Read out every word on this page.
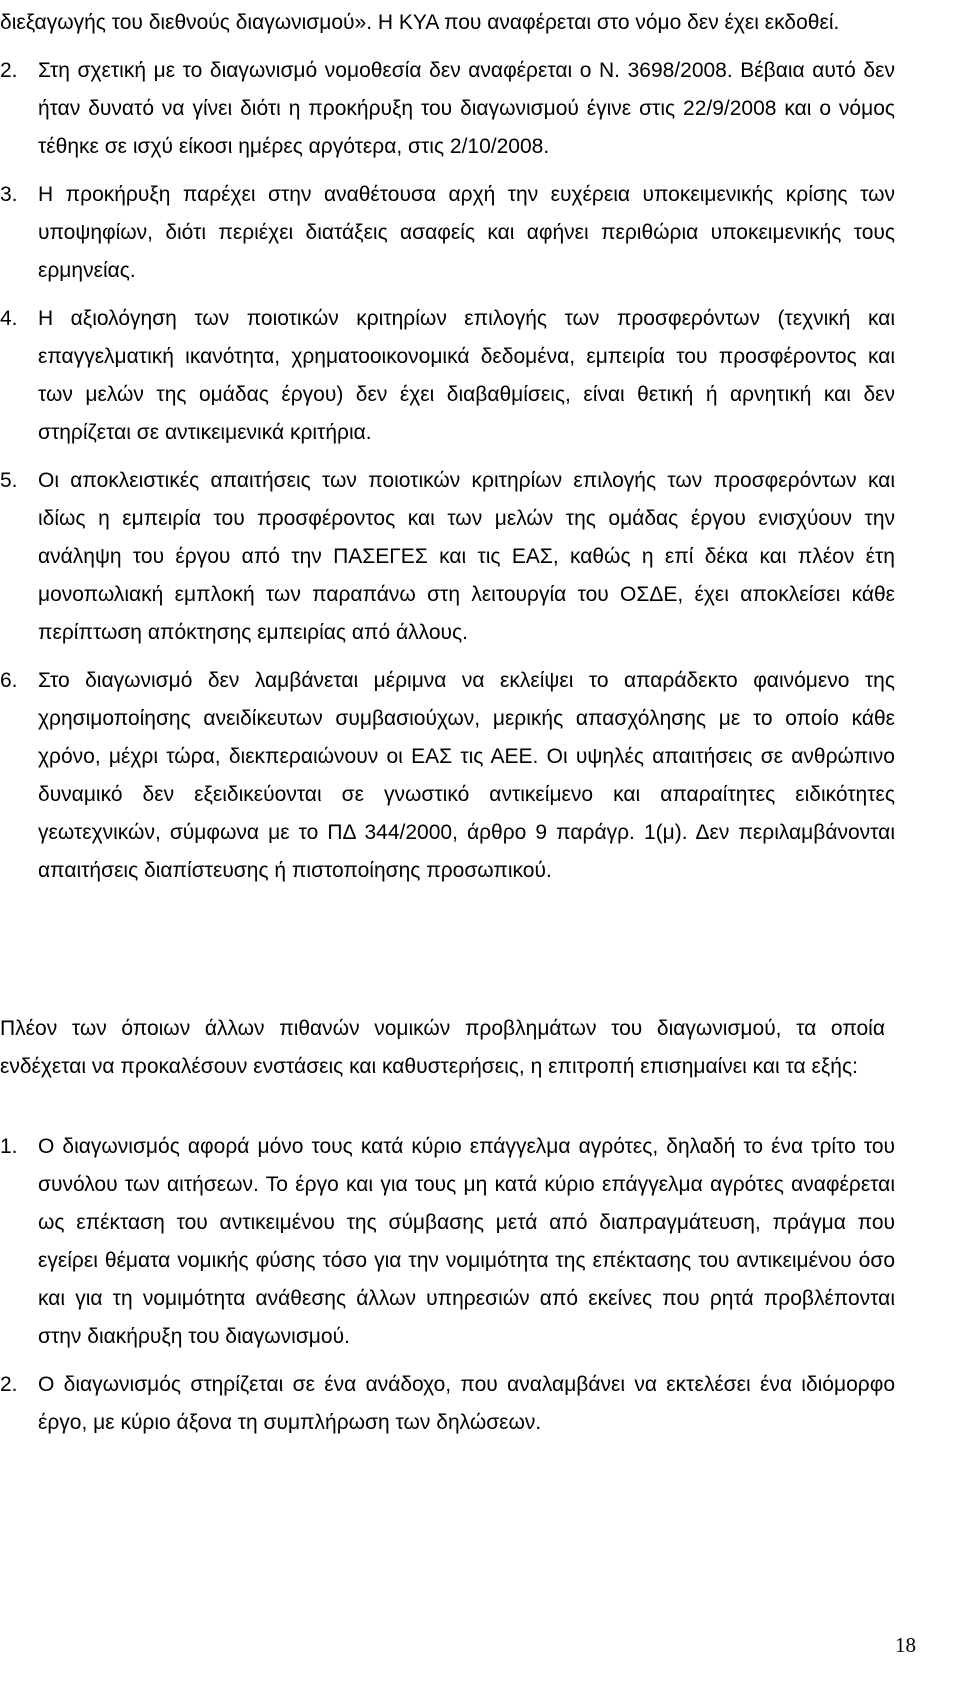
διεξαγωγής του διεθνούς διαγωνισμού». Η ΚΥΑ που αναφέρεται στο νόμο δεν έχει εκδοθεί.
2. Στη σχετική με το διαγωνισμό νομοθεσία δεν αναφέρεται ο Ν. 3698/2008. Βέβαια αυτό δεν ήταν δυνατό να γίνει διότι η προκήρυξη του διαγωνισμού έγινε στις 22/9/2008 και ο νόμος τέθηκε σε ισχύ είκοσι ημέρες αργότερα, στις 2/10/2008.
3. Η προκήρυξη παρέχει στην αναθέτουσα αρχή την ευχέρεια υποκειμενικής κρίσης των υποψηφίων, διότι περιέχει διατάξεις ασαφείς και αφήνει περιθώρια υποκειμενικής τους ερμηνείας.
4. Η αξιολόγηση των ποιοτικών κριτηρίων επιλογής των προσφερόντων (τεχνική και επαγγελματική ικανότητα, χρηματοοικονομικά δεδομένα, εμπειρία του προσφέροντος και των μελών της ομάδας έργου) δεν έχει διαβαθμίσεις, είναι θετική ή αρνητική και δεν στηρίζεται σε αντικειμενικά κριτήρια.
5. Οι αποκλειστικές απαιτήσεις των ποιοτικών κριτηρίων επιλογής των προσφερόντων και ιδίως η εμπειρία του προσφέροντος και των μελών της ομάδας έργου ενισχύουν την ανάληψη του έργου από την ΠΑΣΕΓΕΣ και τις ΕΑΣ, καθώς η επί δέκα και πλέον έτη μονοπωλιακή εμπλοκή των παραπάνω στη λειτουργία του ΟΣΔΕ, έχει αποκλείσει κάθε περίπτωση απόκτησης εμπειρίας από άλλους.
6. Στο διαγωνισμό δεν λαμβάνεται μέριμνα να εκλείψει το απαράδεκτο φαινόμενο της χρησιμοποίησης ανειδίκευτων συμβασιούχων, μερικής απασχόλησης με το οποίο κάθε χρόνο, μέχρι τώρα, διεκπεραιώνουν οι ΕΑΣ τις ΑΕΕ. Οι υψηλές απαιτήσεις σε ανθρώπινο δυναμικό δεν εξειδικεύονται σε γνωστικό αντικείμενο και απαραίτητες ειδικότητες γεωτεχνικών, σύμφωνα με το ΠΔ 344/2000, άρθρο 9 παράγρ. 1(μ). Δεν περιλαμβάνονται απαιτήσεις διαπίστευσης ή πιστοποίησης προσωπικού.

Πλέον των όποιων άλλων πιθανών νομικών προβλημάτων του διαγωνισμού, τα οποία ενδέχεται να προκαλέσουν ενστάσεις και καθυστερήσεις, η επιτροπή επισημαίνει και τα εξής:

1. Ο διαγωνισμός αφορά μόνο τους κατά κύριο επάγγελμα αγρότες, δηλαδή το ένα τρίτο του συνόλου των αιτήσεων. Το έργο και για τους μη κατά κύριο επάγγελμα αγρότες αναφέρεται ως επέκταση του αντικειμένου της σύμβασης μετά από διαπραγμάτευση, πράγμα που εγείρει θέματα νομικής φύσης τόσο για την νομιμότητα της επέκτασης του αντικειμένου όσο και για τη νομιμότητα ανάθεσης άλλων υπηρεσιών από εκείνες που ρητά προβλέπονται στην διακήρυξη του διαγωνισμού.
2. Ο διαγωνισμός στηρίζεται σε ένα ανάδοχο, που αναλαμβάνει να εκτελέσει ένα ιδιόμορφο έργο, με κύριο άξονα τη συμπλήρωση των δηλώσεων.
18
